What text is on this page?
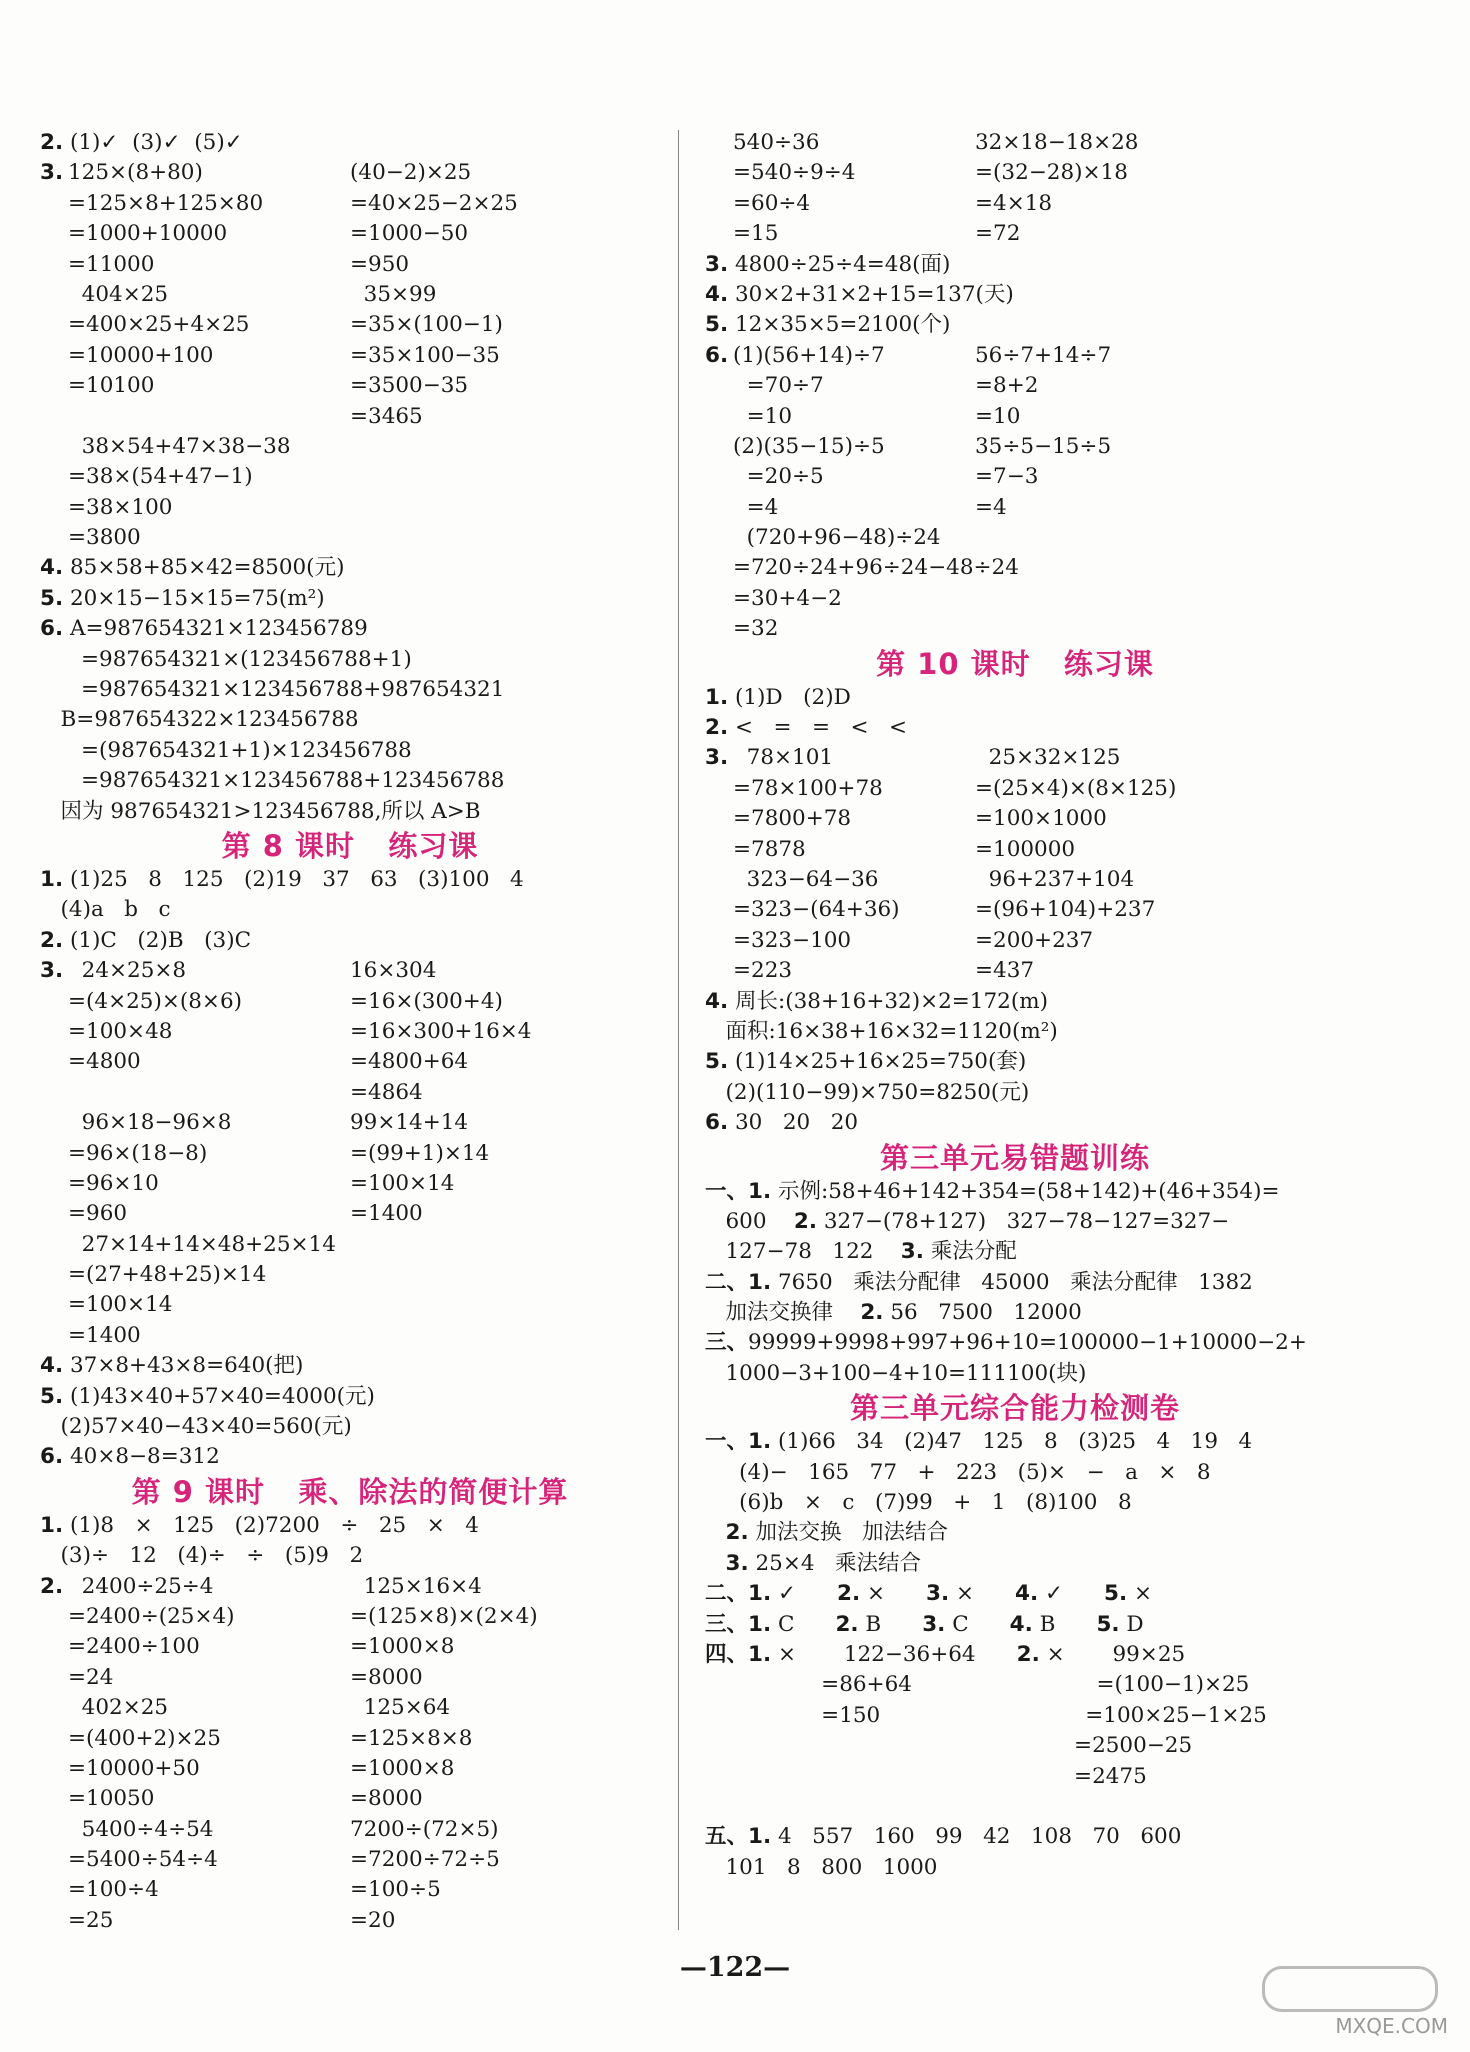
2. (1)✓  (3)✓  (5)✓
3. 125×(8+80)	(40−2)×25
=125×8+125×80	=40×25−2×25
=1000+10000	=1000−50
=11000	=950
404×25	35×99
=400×25+4×25	=35×(100−1)
=10000+100	=35×100−35
=10100	=3500−35
=3465
38×54+47×38−38
=38×(54+47−1)
=38×100
=3800
4. 85×58+85×42=8500(元)
5. 20×15−15×15=75(m²)
6. A=987654321×123456789
=987654321×(123456788+1)
=987654321×123456788+987654321
B=987654322×123456788
=(987654321+1)×123456788
=987654321×123456788+123456788
因为 987654321>123456788,所以 A>B
第 8 课时   练习课
1. (1)25   8   125   (2)19   37   63   (3)100   4
(4)a   b   c
2. (1)C   (2)B   (3)C
3. 24×25×8	16×304
=(4×25)×(8×6)	=16×(300+4)
=100×48	=16×300+16×4
=4800	=4800+64
=4864
96×18−96×8	99×14+14
=96×(18−8)	=(99+1)×14
=96×10	=100×14
=960	=1400
27×14+14×48+25×14
=(27+48+25)×14
=100×14
=1400
4. 37×8+43×8=640(把)
5. (1)43×40+57×40=4000(元)
(2)57×40−43×40=560(元)
6. 40×8−8=312
第 9 课时   乘、除法的简便计算
1. (1)8   ×   125   (2)7200   ÷   25   ×   4
(3)÷   12   (4)÷   ÷   (5)9   2
2. 2400÷25÷4	125×16×4
=2400÷(25×4)	=(125×8)×(2×4)
=2400÷100	=1000×8
=24	=8000
402×25	125×64
=(400+2)×25	=125×8×8
=10000+50	=1000×8
=10050	=8000
5400÷4÷54	7200÷(72×5)
=5400÷54÷4	=7200÷72÷5
=100÷4	=100÷5
=25	=20
540÷36	32×18−18×28
=540÷9÷4	=(32−28)×18
=60÷4	=4×18
=15	=72
3. 4800÷25÷4=48(面)
4. 30×2+31×2+15=137(天)
5. 12×35×5=2100(个)
6. (1)(56+14)÷7	56÷7+14÷7
=70÷7	=8+2
=10	=10
(2)(35−15)÷5	35÷5−15÷5
=20÷5	=7−3
=4	=4
(720+96−48)÷24
=720÷24+96÷24−48÷24
=30+4−2
=32
第 10 课时   练习课
1. (1)D   (2)D
2. <   =   =   <   <
3. 78×101	25×32×125
=78×100+78	=(25×4)×(8×125)
=7800+78	=100×1000
=7878	=100000
323−64−36	96+237+104
=323−(64+36)	=(96+104)+237
=323−100	=200+237
=223	=437
4. 周长:(38+16+32)×2=172(m)
面积:16×38+16×32=1120(m²)
5. (1)14×25+16×25=750(套)
(2)(110−99)×750=8250(元)
6. 30   20   20
第三单元易错题训练
一、1. 示例:58+46+142+354=(58+142)+(46+354)=
600    2. 327−(78+127)   327−78−127=327−
127−78   122    3. 乘法分配
二、1. 7650   乘法分配律   45000   乘法分配律   1382
加法交换律    2. 56   7500   12000
三、99999+9998+997+96+10=100000−1+10000−2+
1000−3+100−4+10=111100(块)
第三单元综合能力检测卷
一、1. (1)66   34   (2)47   125   8   (3)25   4   19   4
(4)−   165   77   +   223   (5)×   −   a   ×   8
(6)b   ×   c   (7)99   +   1   (8)100   8
2. 加法交换   加法结合
3. 25×4   乘法结合
二、1. ✓      2. ×      3. ×      4. ✓      5. ×
三、1. C      2. B      3. C      4. B      5. D
四、1. ×       122−36+64      2. ×       99×25
=86+64                           =(100−1)×25
=150                              =100×25−1×25
=2500−25
=2475
五、1. 4   557   160   99   42   108   70   600
101   8   800   1000
—122—
MXQE.COM
